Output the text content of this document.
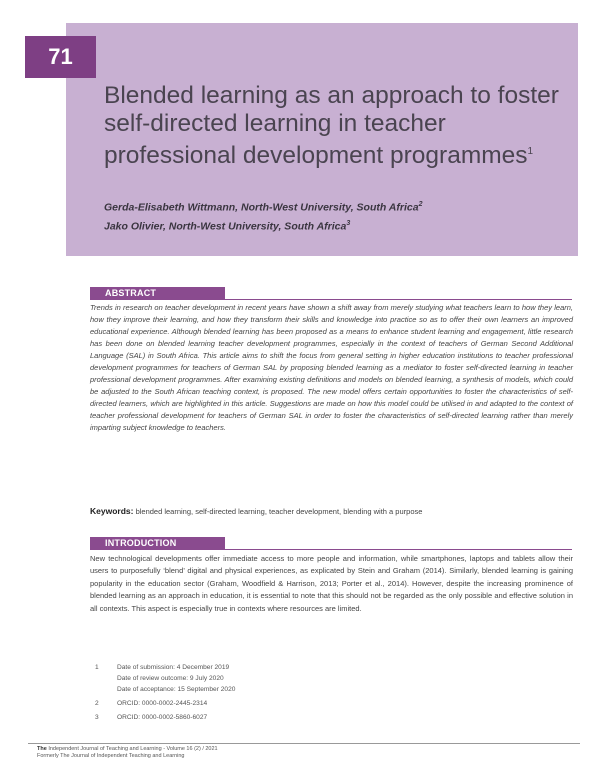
71
Blended learning as an approach to foster self-directed learning in teacher professional development programmes$^1$
Gerda-Elisabeth Wittmann, North-West University, South Africa$^2$
Jako Olivier, North-West University, South Africa$^3$
ABSTRACT

Trends in research on teacher development in recent years have shown a shift away from merely studying what teachers learn to how they learn, how they improve their learning, and how they transform their skills and knowledge into practice so as to offer their own learners an improved educational experience. Although blended learning has been proposed as a means to enhance student learning and engagement, little research has been done on blended learning teacher development programmes, especially in the context of teachers of German Second Additional Language (SAL) in South Africa. This article aims to shift the focus from general setting in higher education institutions to teacher professional development programmes for teachers of German SAL by proposing blended learning as a mediator to foster self-directed learning in teacher professional development programmes. After examining existing definitions and models on blended learning, a synthesis of models, which could be adjusted to the South African teaching context, is proposed. The new model offers certain opportunities to foster the characteristics of self-directed learners, which are highlighted in this article. Suggestions are made on how this model could be utilised in and adapted to the context of teacher professional development for teachers of German SAL in order to foster the characteristics of self-directed learning rather than merely imparting subject knowledge to teachers.

Keywords: blended learning, self-directed learning, teacher development, blending with a purpose

INTRODUCTION

New technological developments offer immediate access to more people and information, while smartphones, laptops and tablets allow their users to purposefully ‘blend’ digital and physical experiences, as explicated by Stein and Graham (2014). Similarly, blended learning is gaining popularity in the education sector (Graham, Woodfield & Harrison, 2013; Porter et al., 2014). However, despite the increasing prominence of blended learning as an approach in education, it is essential to note that this should not be regarded as the only possible and effective solution in all contexts. This aspect is especially true in contexts where resources are limited.

1	Date of submission: 4 December 2019
Date of review outcome: 9 July 2020
Date of acceptance: 15 September 2020
2	ORCID: 0000-0002-2445-2314
3	ORCID: 0000-0002-5860-6027
The Independent Journal of Teaching and Learning - Volume 16 (2) / 2021
Formerly The Journal of Independent Teaching and Learning
